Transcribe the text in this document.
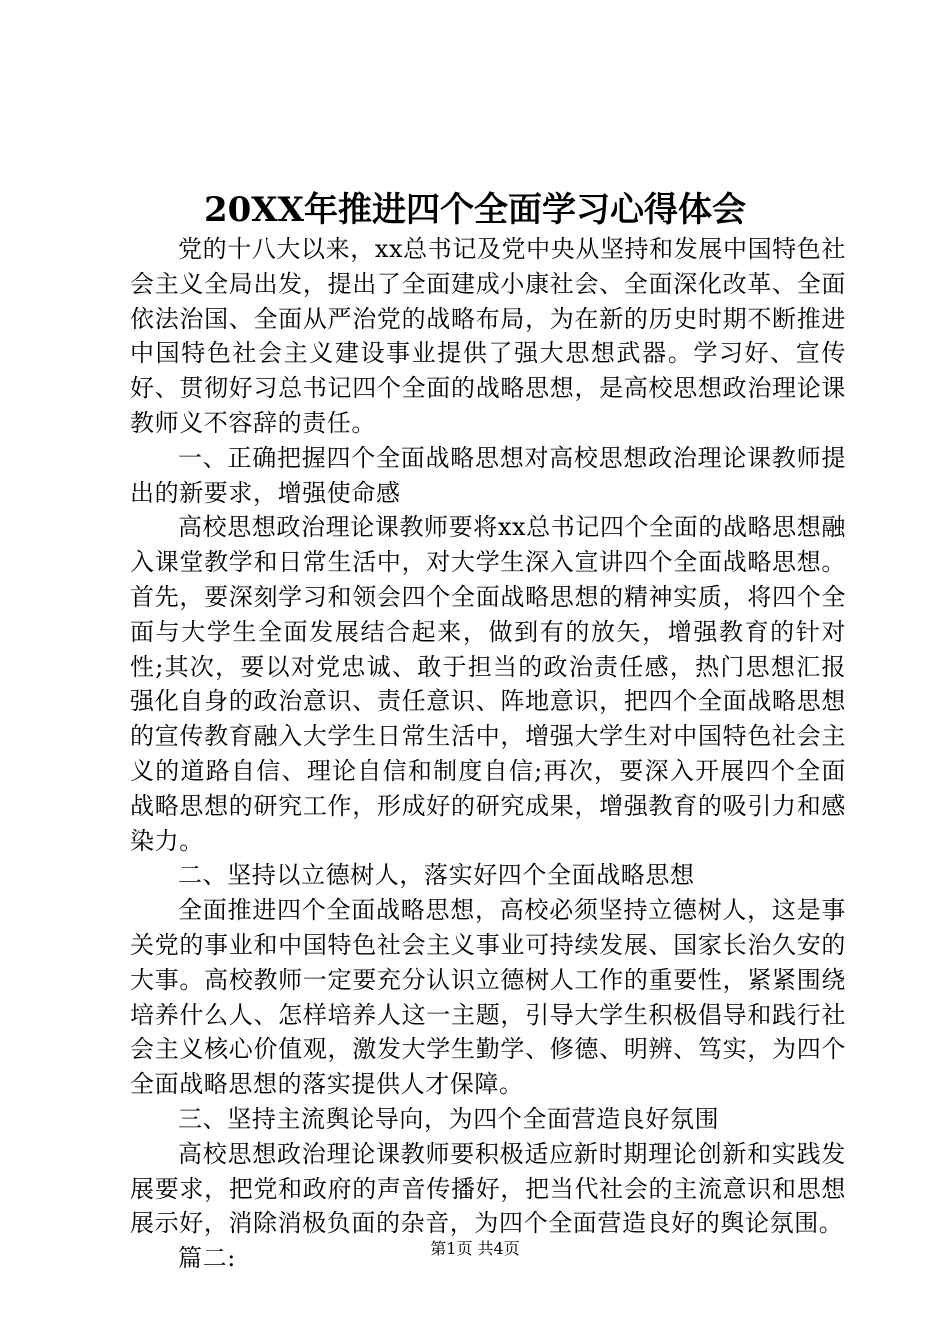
20XX年推进四个全面学习心得体会

党的十八大以来，xx总书记及党中央从坚持和发展中国特色社会主义全局出发，提出了全面建成小康社会、全面深化改革、全面依法治国、全面从严治党的战略布局，为在新的历史时期不断推进中国特色社会主义建设事业提供了强大思想武器。学习好、宣传好、贯彻好习总书记四个全面的战略思想，是高校思想政治理论课教师义不容辞的责任。

一、正确把握四个全面战略思想对高校思想政治理论课教师提出的新要求，增强使命感

高校思想政治理论课教师要将xx总书记四个全面的战略思想融入课堂教学和日常生活中，对大学生深入宣讲四个全面战略思想。首先，要深刻学习和领会四个全面战略思想的精神实质，将四个全面与大学生全面发展结合起来，做到有的放矢，增强教育的针对性;其次，要以对党忠诚、敢于担当的政治责任感，热门思想汇报强化自身的政治意识、责任意识、阵地意识，把四个全面战略思想的宣传教育融入大学生日常生活中，增强大学生对中国特色社会主义的道路自信、理论自信和制度自信;再次，要深入开展四个全面战略思想的研究工作，形成好的研究成果，增强教育的吸引力和感染力。

二、坚持以立德树人，落实好四个全面战略思想

全面推进四个全面战略思想，高校必须坚持立德树人，这是事关党的事业和中国特色社会主义事业可持续发展、国家长治久安的大事。高校教师一定要充分认识立德树人工作的重要性，紧紧围绕培养什么人、怎样培养人这一主题，引导大学生积极倡导和践行社会主义核心价值观，激发大学生勤学、修德、明辨、笃实，为四个全面战略思想的落实提供人才保障。

三、坚持主流舆论导向，为四个全面营造良好氛围

高校思想政治理论课教师要积极适应新时期理论创新和实践发展要求，把党和政府的声音传播好，把当代社会的主流意识和思想展示好，消除消极负面的杂音，为四个全面营造良好的舆论氛围。

篇二:	第1页 共4页
